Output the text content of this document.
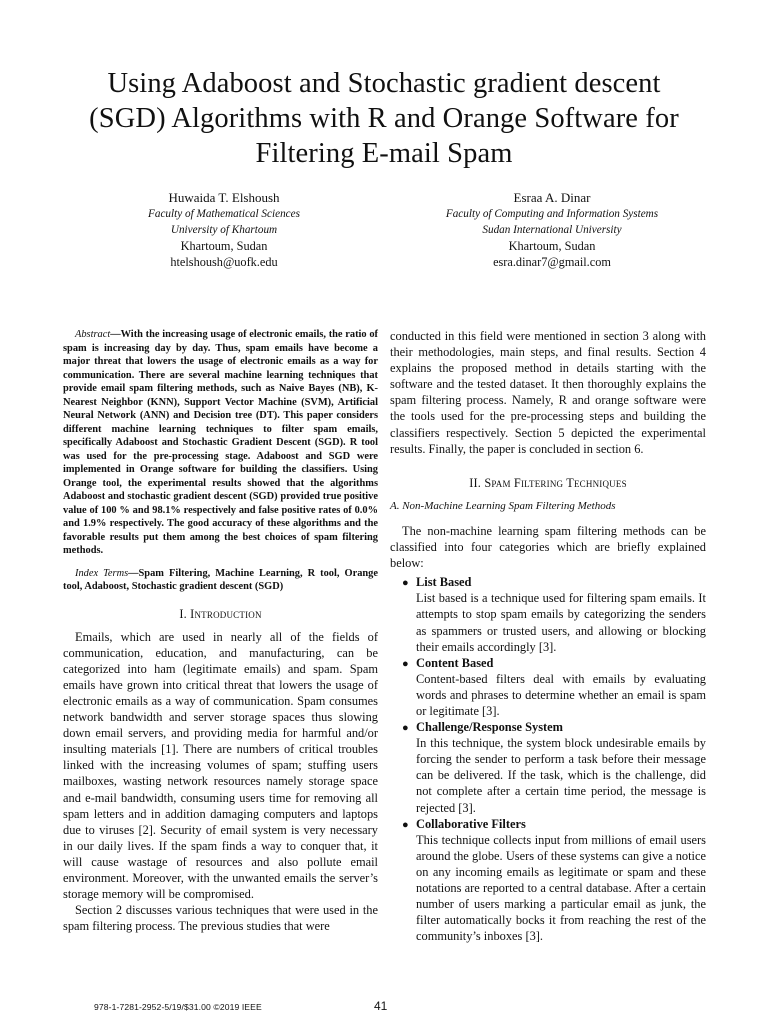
Using Adaboost and Stochastic gradient descent
(SGD) Algorithms with R and Orange Software for
Filtering E-mail Spam
Huwaida T. Elshoush
Faculty of Mathematical Sciences
University of Khartoum
Khartoum, Sudan
htelshoush@uofk.edu
Esraa A. Dinar
Faculty of Computing and Information Systems
Sudan International University
Khartoum, Sudan
esra.dinar7@gmail.com

Abstract—With the increasing usage of electronic emails, the ratio of spam is increasing day by day. Thus, spam emails have become a major threat that lowers the usage of electronic emails as a way for communication. There are several machine learning techniques that provide email spam filtering methods, such as Naive Bayes (NB), K-Nearest Neighbor (KNN), Support Vector Machine (SVM), Artificial Neural Network (ANN) and Decision tree (DT). This paper considers different machine learning techniques to filter spam emails, specifically Adaboost and Stochastic Gradient Descent (SGD). R tool was used for the pre-processing stage. Adaboost and SGD were implemented in Orange software for building the classifiers. Using Orange tool, the experimental results showed that the algorithms Adaboost and stochastic gradient descent (SGD) provided true positive value of 100 % and 98.1% respectively and false positive rates of 0.0% and 1.9% respectively. The good accuracy of these algorithms and the favorable results put them among the best choices of spam filtering methods.

Index Terms—Spam Filtering, Machine Learning, R tool, Orange tool, Adaboost, Stochastic gradient descent (SGD)

I. Introduction

Emails, which are used in nearly all of the fields of communication, education, and manufacturing, can be categorized into ham (legitimate emails) and spam. Spam emails have grown into critical threat that lowers the usage of electronic emails as a way of communication. Spam consumes network bandwidth and server storage spaces thus slowing down email servers, and providing media for harmful and/or insulting materials [1]. There are numbers of critical troubles linked with the increasing volumes of spam; stuffing users mailboxes, wasting network resources namely storage space and e-mail bandwidth, consuming users time for removing all spam letters and in addition damaging computers and laptops due to viruses [2]. Security of email system is very necessary in our daily lives. If the spam finds a way to conquer that, it will cause wastage of resources and also pollute email environment. Moreover, with the unwanted emails the server’s storage memory will be compromised.

Section 2 discusses various techniques that were used in the spam filtering process. The previous studies that were

conducted in this field were mentioned in section 3 along with their methodologies, main steps, and final results. Section 4 explains the proposed method in details starting with the software and the tested dataset. It then thoroughly explains the spam filtering process. Namely, R and orange software were the tools used for the pre-processing steps and building the classifiers respectively. Section 5 depicted the experimental results. Finally, the paper is concluded in section 6.

II. Spam Filtering Techniques
A. Non-Machine Learning Spam Filtering Methods

The non-machine learning spam filtering methods can be classified into four categories which are briefly explained below:

● List Based
List based is a technique used for filtering spam emails. It attempts to stop spam emails by categorizing the senders as spammers or trusted users, and allowing or blocking their emails accordingly [3].
● Content Based
Content-based filters deal with emails by evaluating words and phrases to determine whether an email is spam or legitimate [3].
● Challenge/Response System
In this technique, the system block undesirable emails by forcing the sender to perform a task before their message can be delivered. If the task, which is the challenge, did not complete after a certain time period, the message is rejected [3].
● Collaborative Filters
This technique collects input from millions of email users around the globe. Users of these systems can give a notice on any incoming emails as legitimate or spam and these notations are reported to a central database. After a certain number of users marking a particular email as junk, the filter automatically bocks it from reaching the rest of the community’s inboxes [3].
978-1-7281-2952-5/19/$31.00 ©2019 IEEE	41
